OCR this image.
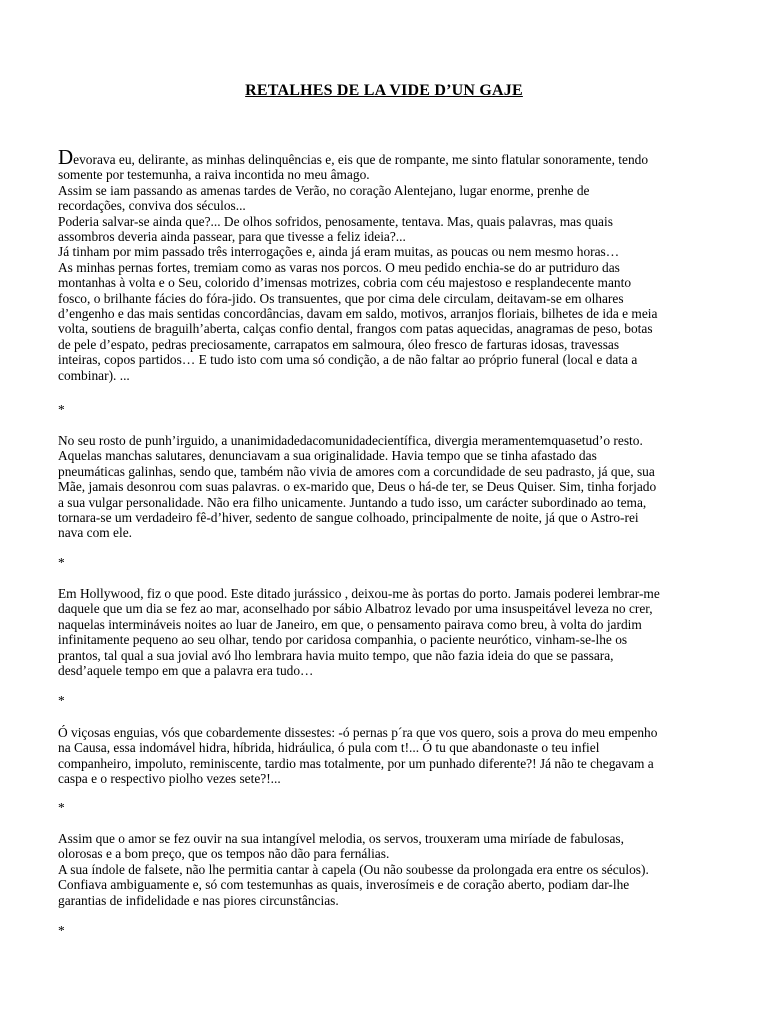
RETALHES DE LA VIDE D’UN GAJE

Devorava eu, delirante, as minhas delinquências e, eis que de rompante, me sinto flatular sonoramente, tendo

somente por testemunha, a raiva incontida no meu âmago.

Assim se iam passando as amenas tardes de Verão, no coração Alentejano, lugar enorme, prenhe de

recordações, conviva dos séculos...

Poderia salvar-se ainda que?... De olhos sofridos, penosamente, tentava. Mas, quais palavras, mas quais

assombros deveria ainda passear, para que tivesse a feliz ideia?...

Já tinham por mim passado três interrogações e, ainda já eram muitas, as poucas ou nem mesmo horas…

As minhas pernas fortes, tremiam como as varas nos porcos. O meu pedido enchia-se do ar putriduro das

montanhas à volta e o Seu, colorido d’imensas motrizes, cobria com céu majestoso e resplandecente manto

fosco, o brilhante fácies do fóra-jido. Os transuentes, que por cima dele circulam, deitavam-se em olhares

d’engenho e das mais sentidas concordâncias, davam em saldo, motivos, arranjos floriais, bilhetes de ida e meia

volta, soutiens de braguilh’aberta, calças confio dental, frangos com patas aquecidas, anagramas de peso, botas

de pele d’espato, pedras preciosamente, carrapatos em salmoura, óleo fresco de farturas idosas, travessas

inteiras, copos partidos… E tudo isto com uma só condição, a de não faltar ao próprio funeral (local e data a

combinar). ...

*

No seu rosto de punh’irguido, a unanimidadedacomunidadecientífica, divergia meramentemquasetud’o resto.

Aquelas manchas salutares, denunciavam a sua originalidade. Havia tempo que se tinha afastado das

pneumáticas galinhas, sendo que, também não vivia de amores com a corcundidade de seu padrasto, já que, sua

Mãe, jamais desonrou com suas palavras. o ex-marido que, Deus o há-de ter, se Deus Quiser. Sim, tinha forjado

a sua vulgar personalidade. Não era filho unicamente. Juntando a tudo isso, um carácter subordinado ao tema,

tornara-se um verdadeiro fê-d’hiver, sedento de sangue colhoado, principalmente de noite, já que o Astro-rei

nava com ele.

*

Em Hollywood, fiz o que pood. Este ditado jurássico , deixou-me às portas do porto. Jamais poderei lembrar-me

daquele que um dia se fez ao mar, aconselhado por sábio Albatroz levado por uma insuspeitável leveza no crer,

naquelas intermináveis noites ao luar de Janeiro, em que, o pensamento pairava como breu, à volta do jardim

infinitamente pequeno ao seu olhar, tendo por caridosa companhia, o paciente neurótico, vinham-se-lhe os

prantos, tal qual a sua jovial avó lho lembrara havia muito tempo, que não fazia ideia do que se passara,

desd’aquele tempo em que a palavra era tudo…

*

Ó viçosas enguias, vós que cobardemente dissestes: -ó pernas p´ra que vos quero, sois a prova do meu empenho

na Causa, essa indomável hidra, híbrida, hidráulica, ó pula com t!... Ó tu que abandonaste o teu infiel

companheiro, impoluto, reminiscente, tardio mas totalmente, por um punhado diferente?! Já não te chegavam a

caspa e o respectivo piolho vezes sete?!...

*

Assim que o amor se fez ouvir na sua intangível melodia, os servos, trouxeram uma miríade de fabulosas,

olorosas e a bom preço, que os tempos não dão para fernálias.

A sua índole de falsete, não lhe permitia cantar à capela (Ou não soubesse da prolongada era entre os séculos).

Confiava ambiguamente e, só com testemunhas as quais, inverosímeis e de coração aberto, podiam dar-lhe

garantias de infidelidade e nas piores circunstâncias.

*
